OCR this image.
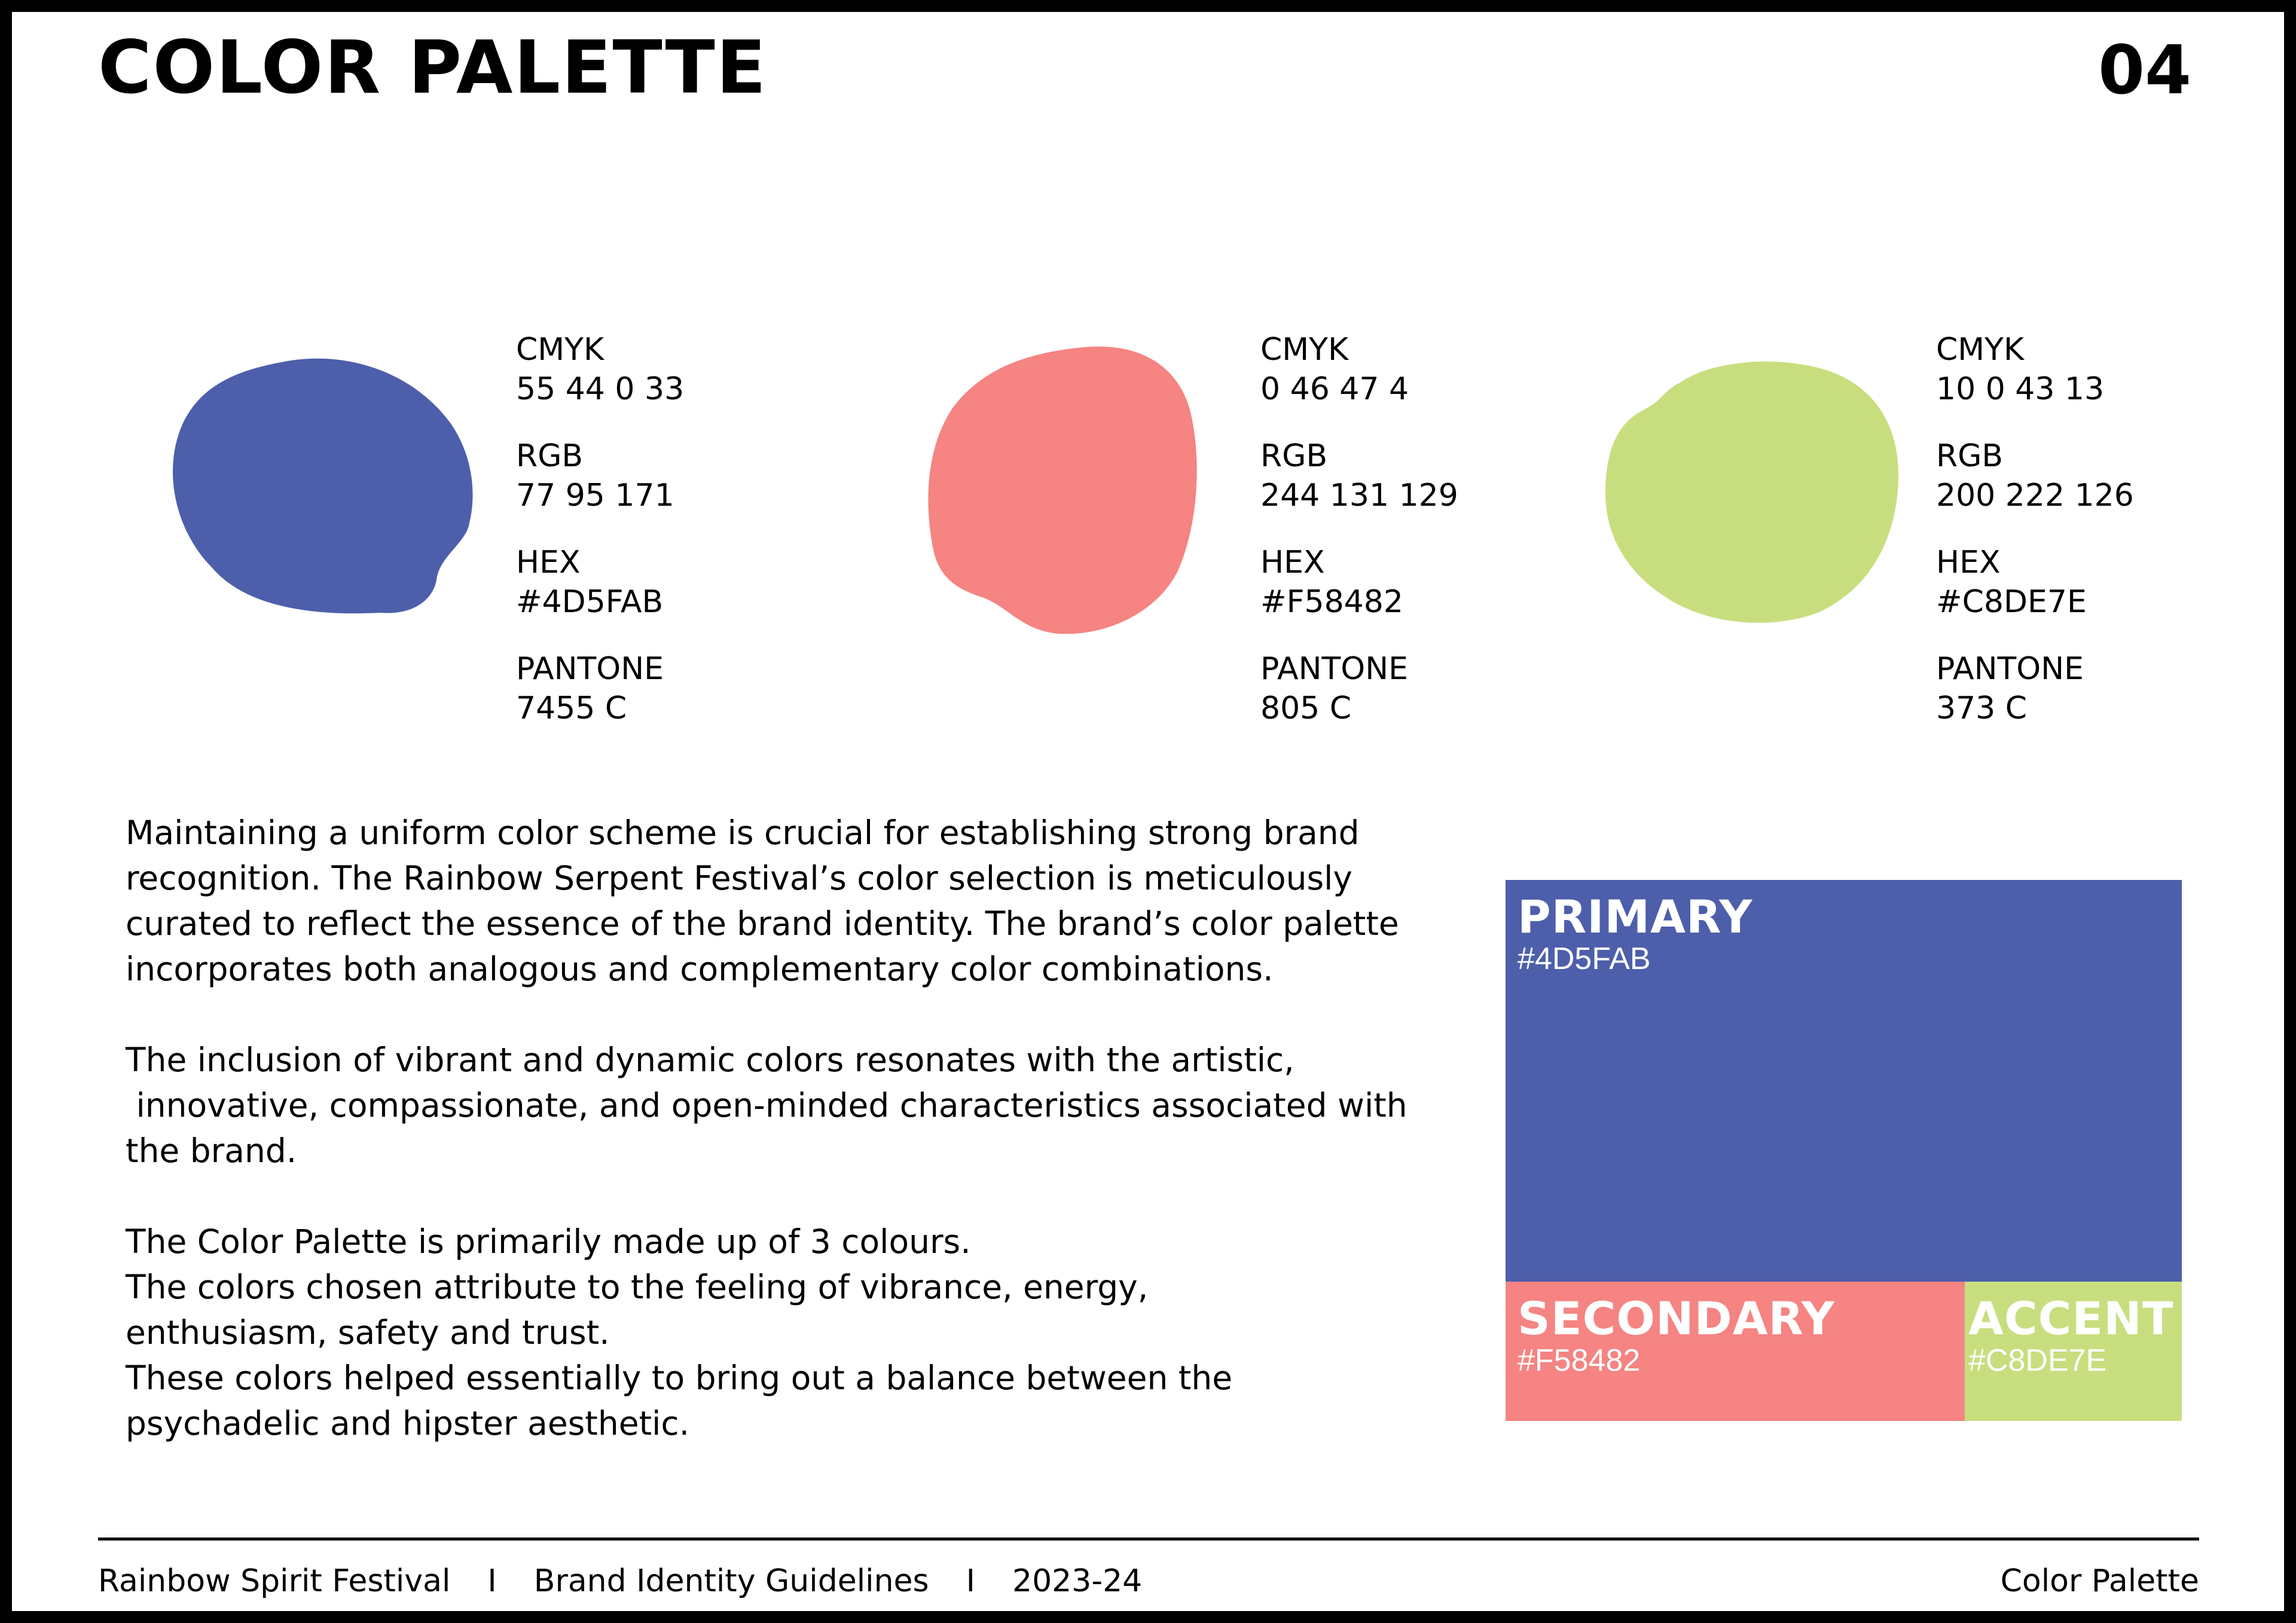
COLOR PALETTE	04
CMYK
55 44 0 33
RGB
77 95 171
HEX
#4D5FAB
PANTONE
7455 C
CMYK
0 46 47 4
RGB
244 131 129
HEX
#F58482
PANTONE
805 C
CMYK
10 0 43 13
RGB
200 222 126
HEX
#C8DE7E
PANTONE
373 C

Maintaining a uniform color scheme is crucial for establishing strong brand
recognition. The Rainbow Serpent Festival’s color selection is meticulously
curated to reflect the essence of the brand identity. The brand’s color palette
incorporates both analogous and complementary color combinations.

The inclusion of vibrant and dynamic colors resonates with the artistic,
innovative, compassionate, and open-minded characteristics associated with
the brand.

The Color Palette is primarily made up of 3 colours.
The colors chosen attribute to the feeling of vibrance, energy,
enthusiasm, safety and trust.
These colors helped essentially to bring out a balance between the
psychadelic and hipster aesthetic.

PRIMARY
#4D5FAB
SECONDARY
#F58482
ACCENT
#C8DE7E
Rainbow Spirit Festival I Brand Identity Guidelines I 2023-24	Color Palette
